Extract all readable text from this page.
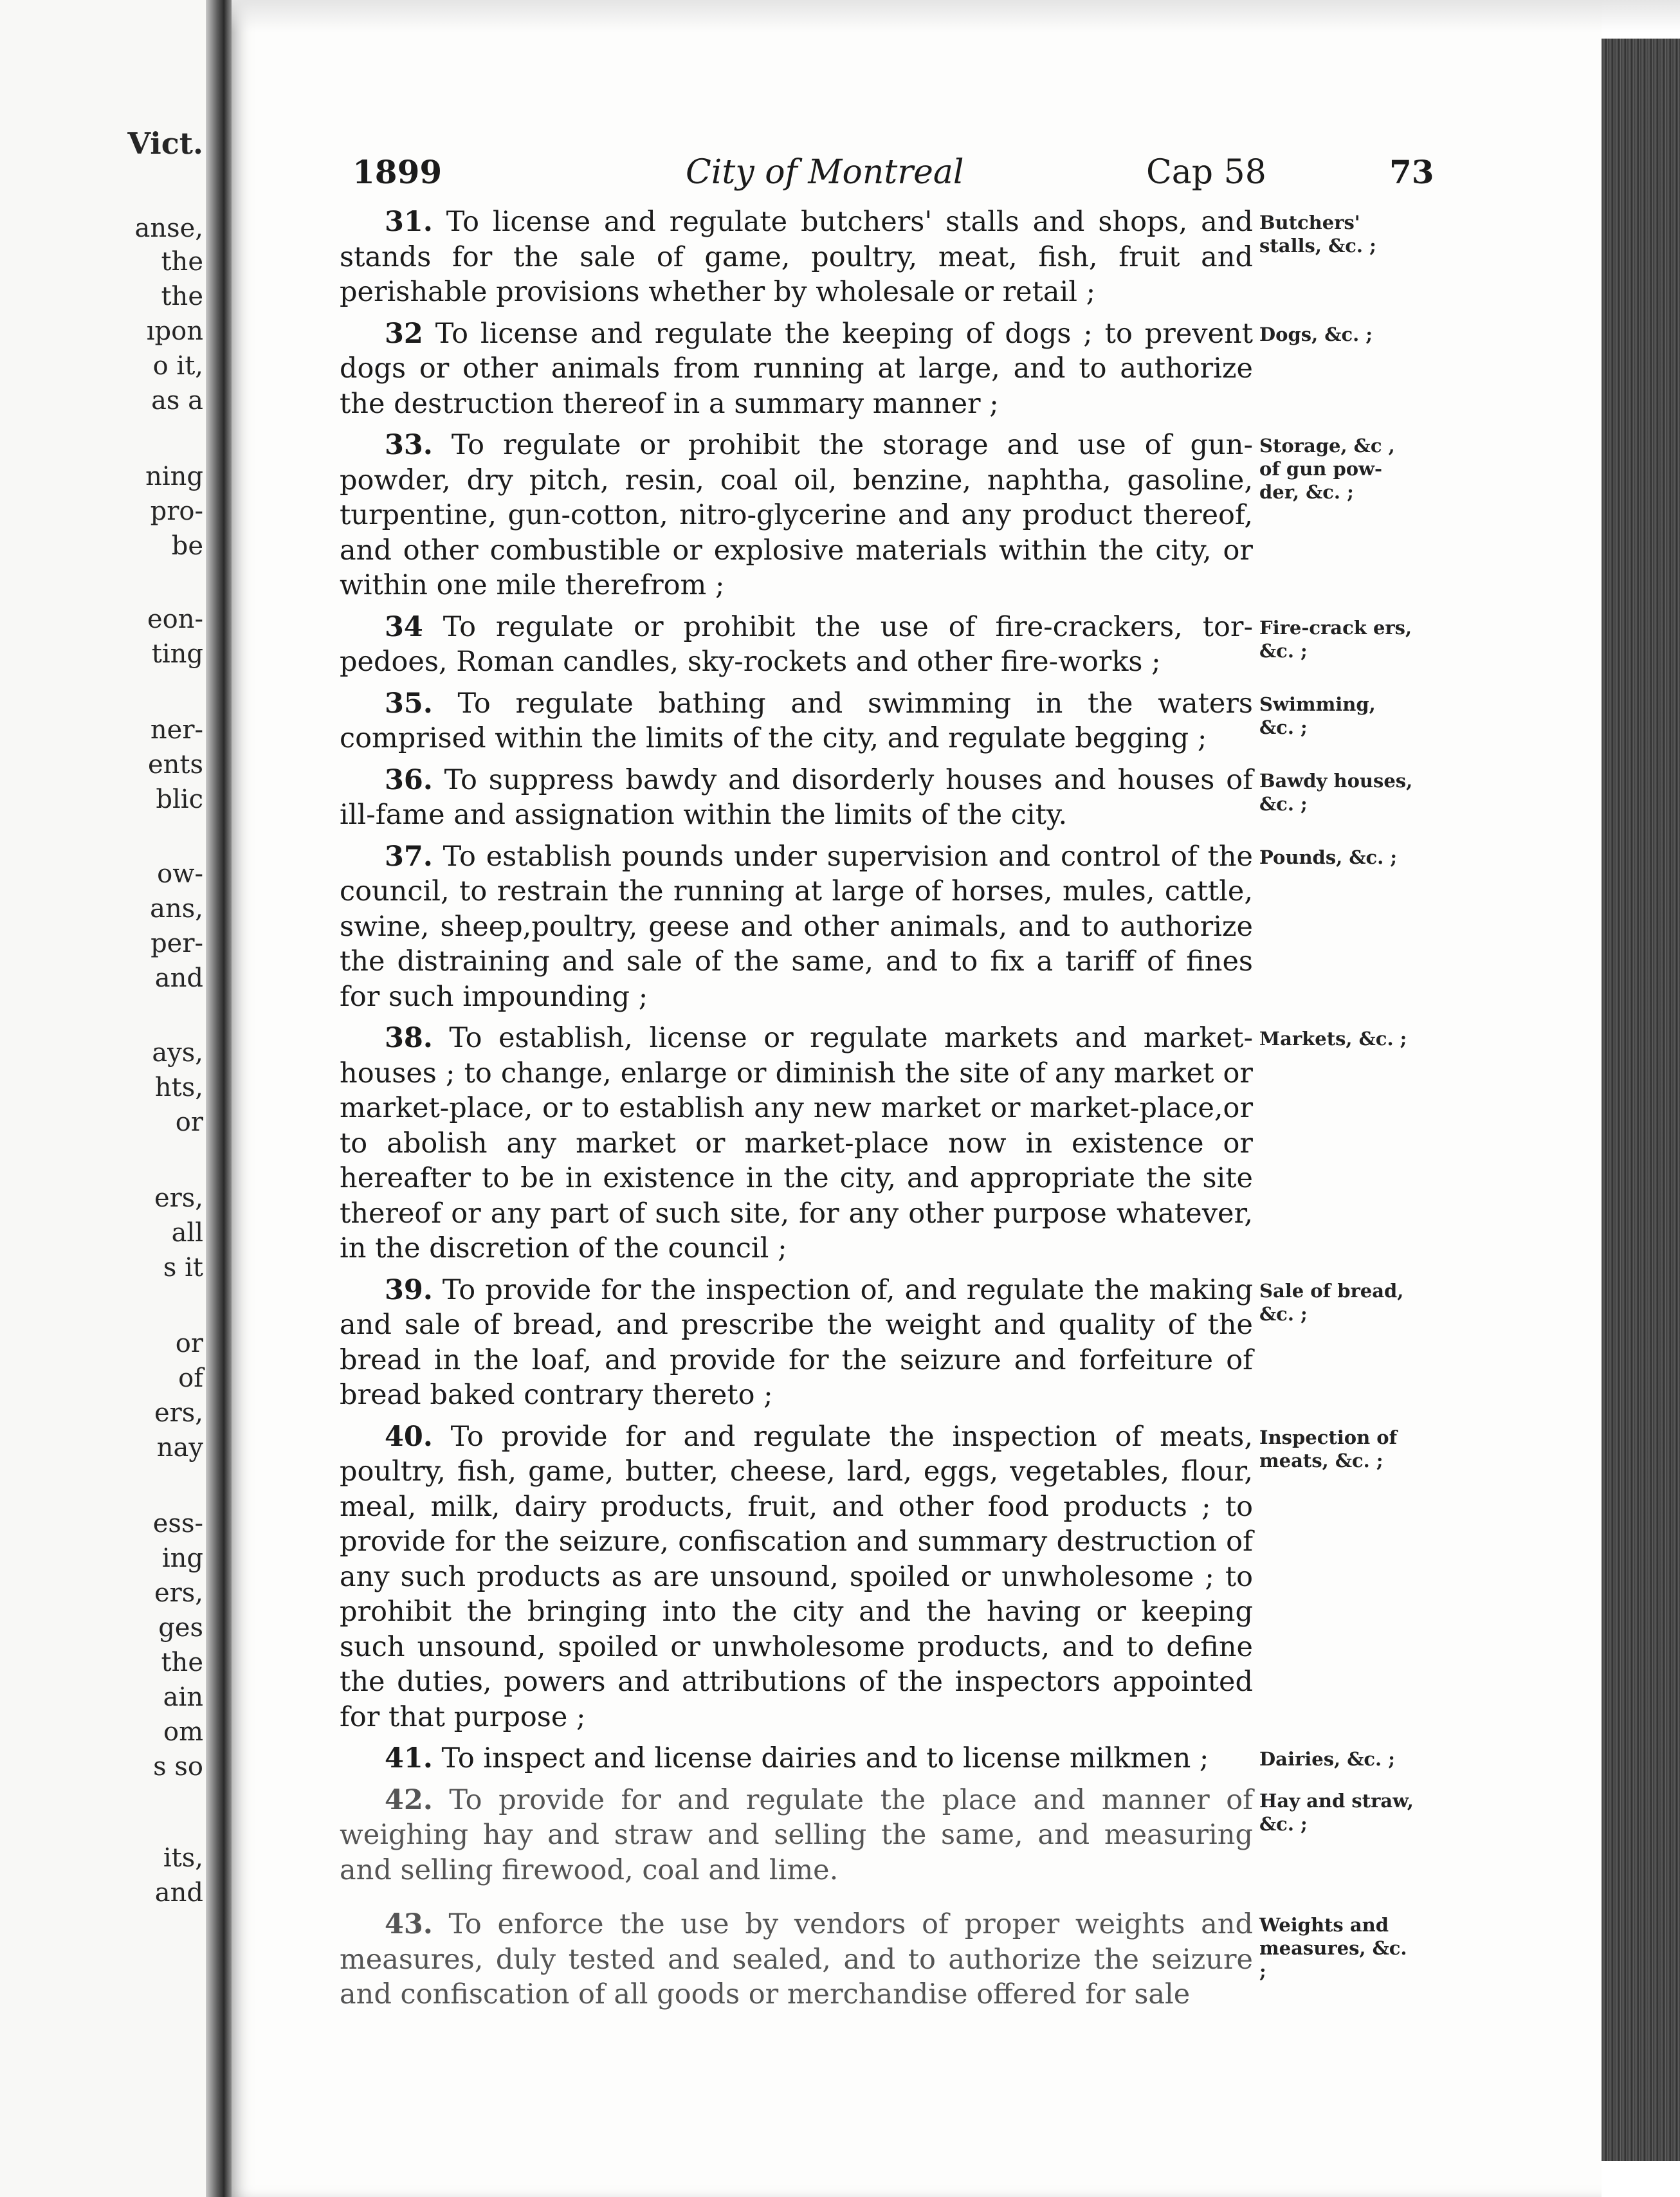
Vict.
anse,
the
the
ıpon
o it,
as a
ning
pro-
be
eon-
ting
ner-
ents
blic
ow-
ans,
per-
and
ays,
hts,
or
ers,
all
s it
or
of
ers,
nay
ess-
ing
ers,
ges
the
ain
om
s so
its,
and
1899	City of Montreal	Cap 58	73

31. To license and regulate butchers' stalls and shops, and stands for the sale of game, poultry, meat, fish, fruit and perishable provisions whether by wholesale or retail ;

32 To license and regulate the keeping of dogs ; to prevent dogs or other animals from running at large, and to authorize the destruction thereof in a summary manner ;

33. To regulate or prohibit the storage and use of gun-powder, dry pitch, resin, coal oil, benzine, naphtha, gasoline, turpentine, gun-cotton, nitro-glycerine and any product thereof, and other combustible or explosive materials within the city, or within one mile therefrom ;

34 To regulate or prohibit the use of fire-crackers, tor-pedoes, Roman candles, sky-rockets and other fire-works ;

35. To regulate bathing and swimming in the waters comprised within the limits of the city, and regulate begging ;

36. To suppress bawdy and disorderly houses and houses of ill-fame and assignation within the limits of the city.

37. To establish pounds under supervision and control of the council, to restrain the running at large of horses, mules, cattle, swine, sheep,poultry, geese and other animals, and to authorize the distraining and sale of the same, and to fix a tariff of fines for such impounding ;

38. To establish, license or regulate markets and market-houses ; to change, enlarge or diminish the site of any market or market-place, or to establish any new market or market-place,or to abolish any market or market-place now in existence or hereafter to be in existence in the city, and appropriate the site thereof or any part of such site, for any other purpose whatever, in the discretion of the council ;

39. To provide for the inspection of, and regulate the making and sale of bread, and prescribe the weight and quality of the bread in the loaf, and provide for the seizure and forfeiture of bread baked contrary thereto ;

40. To provide for and regulate the inspection of meats, poultry, fish, game, butter, cheese, lard, eggs, vegetables, flour, meal, milk, dairy products, fruit, and other food products ; to provide for the seizure, confiscation and summary destruction of any such products as are unsound, spoiled or unwholesome ; to prohibit the bringing into the city and the having or keeping such unsound, spoiled or unwholesome products, and to define the duties, powers and attributions of the inspectors appointed for that purpose ;

41. To inspect and license dairies and to license milkmen ;

42. To provide for and regulate the place and manner of weighing hay and straw and selling the same, and measuring and selling firewood, coal and lime.

43. To enforce the use by vendors of proper weights and measures, duly tested and sealed, and to authorize the seizure and confiscation of all goods or merchandise offered for sale

Butchers' stalls, &c. ;
Dogs, &c. ;
Storage, &c , of gun pow- der, &c. ;
Fire-crack ers, &c. ;
Swimming, &c. ;
Bawdy houses, &c. ;
Pounds, &c. ;
Markets, &c. ;
Sale of bread, &c. ;
Inspection of meats, &c. ;
Dairies, &c. ;
Hay and straw, &c. ;
Weights and measures, &c. ;
